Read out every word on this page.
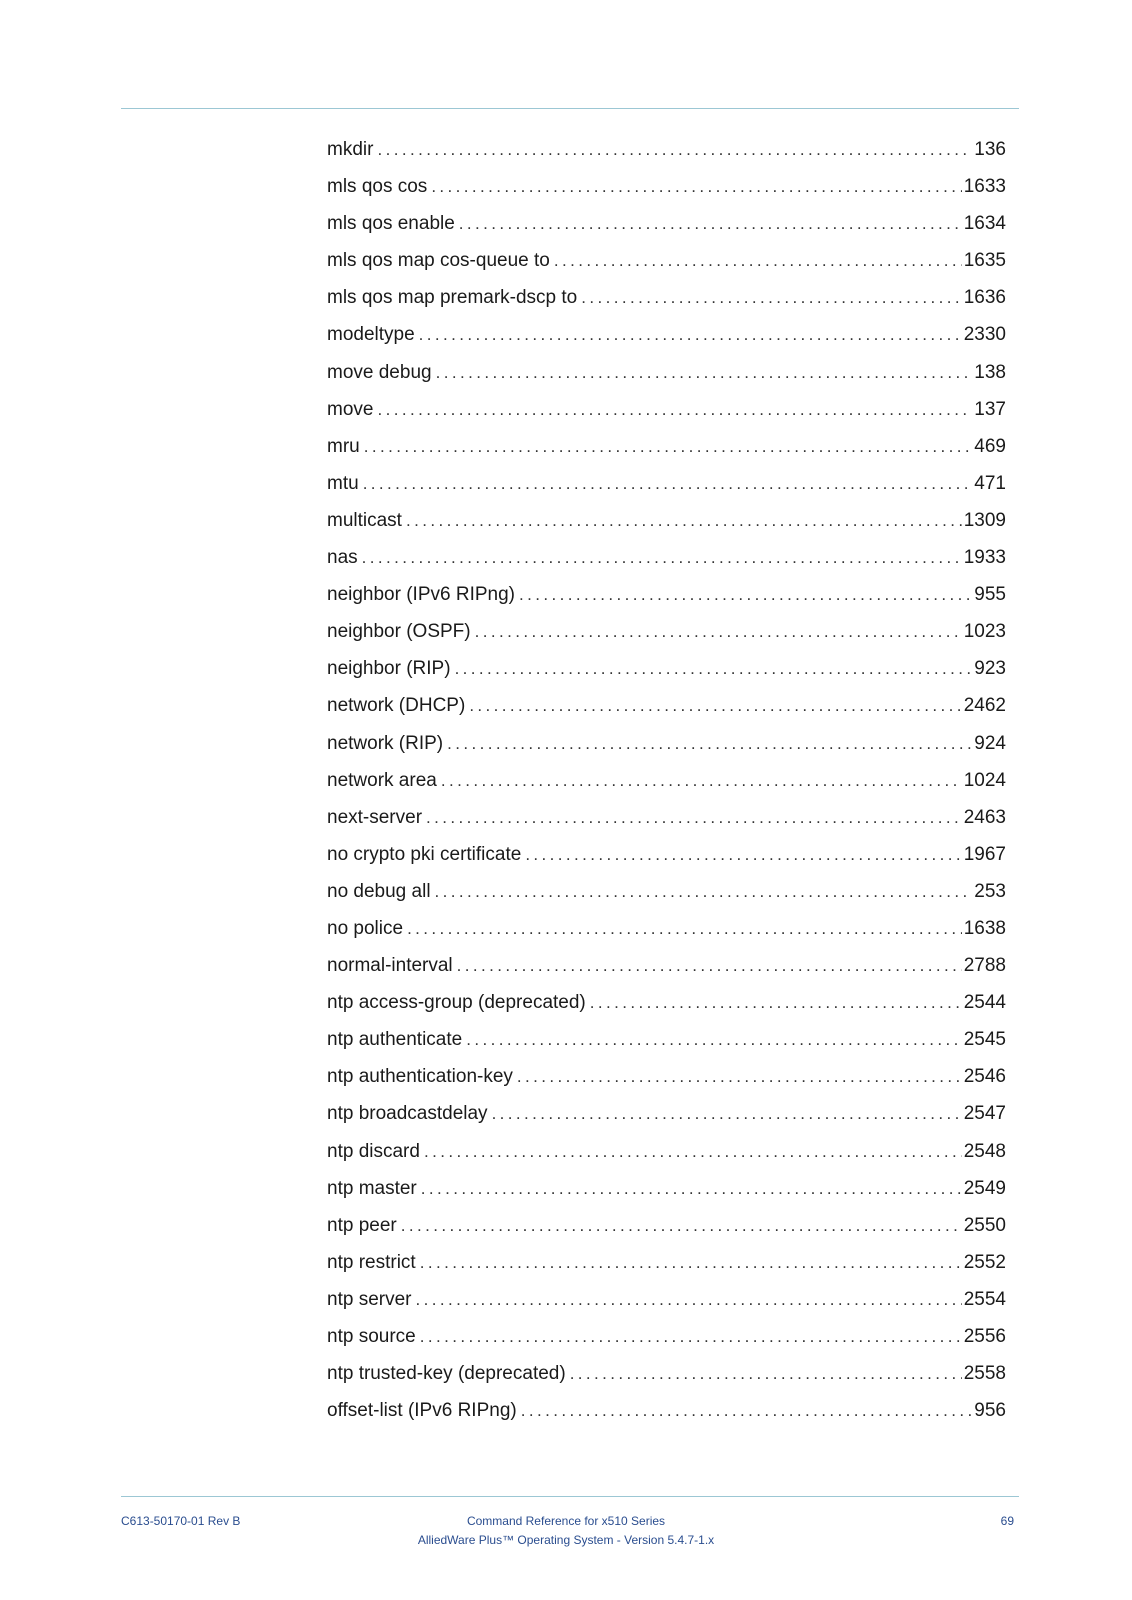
mkdir .....	136
mls qos cos .....	1633
mls qos enable .....	1634
mls qos map cos-queue to .....	1635
mls qos map premark-dscp to .....	1636
modeltype .....	2330
move debug .....	138
move .....	137
mru .....	469
mtu .....	471
multicast .....	1309
nas .....	1933
neighbor (IPv6 RIPng) .....	955
neighbor (OSPF) .....	1023
neighbor (RIP) .....	923
network (DHCP) .....	2462
network (RIP) .....	924
network area .....	1024
next-server .....	2463
no crypto pki certificate .....	1967
no debug all .....	253
no police .....	1638
normal-interval .....	2788
ntp access-group (deprecated) .....	2544
ntp authenticate .....	2545
ntp authentication-key .....	2546
ntp broadcastdelay .....	2547
ntp discard .....	2548
ntp master .....	2549
ntp peer .....	2550
ntp restrict .....	2552
ntp server .....	2554
ntp source .....	2556
ntp trusted-key (deprecated) .....	2558
offset-list (IPv6 RIPng) .....	956
C613-50170-01 Rev B	Command Reference for x510 Series
AlliedWare Plus™ Operating System - Version 5.4.7-1.x
69
